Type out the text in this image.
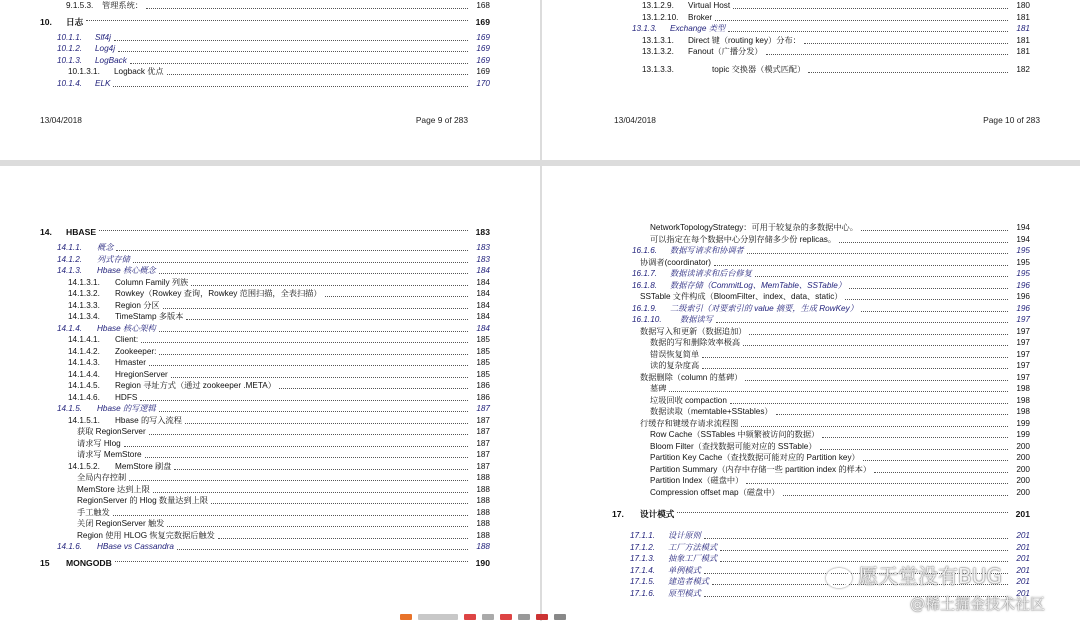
9.1.5.3. 管理系统：	168
10. 日志	169
10.1.1. Slf4j	169
10.1.2. Log4j	169
10.1.3. LogBack	169
10.1.3.1. Logback 优点	169
10.1.4. ELK	170
13/04/2018	Page 9 of 283
13.1.2.9. Virtual Host	180
13.1.2.10. Broker	181
13.1.3. Exchange 类型	181
13.1.3.1. Direct 键（routing key）分布：	181
13.1.3.2. Fanout（广播分发）	181
13.1.3.3.	topic 交换器（模式匹配）	182
13/04/2018	Page 10 of 283
14. HBASE	183
14.1.1. 概念	183
14.1.2. 列式存储	183
14.1.3. Hbase 核心概念	184
14.1.3.1. Column Family 列族	184
14.1.3.2. Rowkey（Rowkey 查询，Rowkey 范围扫描，全表扫描）	184
14.1.3.3. Region 分区	184
14.1.3.4. TimeStamp 多版本	184
14.1.4. Hbase 核心架构	184
14.1.4.1. Client:	185
14.1.4.2. Zookeeper:	185
14.1.4.3. Hmaster	185
14.1.4.4. HregionServer	185
14.1.4.5. Region 寻址方式（通过 zookeeper .META）	186
14.1.4.6. HDFS	186
14.1.5. Hbase 的写逻辑	187
14.1.5.1. Hbase 的写入流程	187
获取 RegionServer	187
请求写 Hlog	187
请求写 MemStore	187
14.1.5.2. MemStore 刷盘	187
全局内存控制	188
MemStore 达到上限	188
RegionServer 的 Hlog 数量达到上限	188
手工触发	188
关闭 RegionServer 触发	188
Region 使用 HLOG 恢复完数据后触发	188
14.1.6. HBase vs Cassandra	188
15 MONGODB	190
NetworkTopologyStrategy：可用于较复杂的多数据中心。	194
可以指定在每个数据中心分别存储多少份 replicas。	194
16.1.6. 数据写请求和协调者	195
协调者(coordinator)	195
16.1.7. 数据读请求和后台修复	195
16.1.8. 数据存储（CommitLog、MemTable、SSTable）	196
SSTable 文件构成（BloomFilter、index、data、static）	196
16.1.9. 二级索引（对要索引的 value 摘要，生成 RowKey）	196
16.1.10. 数据读写	197
数据写入和更新（数据追加）	197
数据的写和删除效率极高	197
错误恢复简单	197
读的复杂度高	197
数据删除（column 的墓碑）	197
墓碑	198
垃圾回收 compaction	198
数据读取（memtable+SStables）	198
行缓存和键缓存请求流程图	199
Row Cache（SSTables 中频繁被访问的数据）	199
Bloom Filter（查找数据可能对应的 SSTable）	200
Partition Key Cache（查找数据可能对应的 Partition key）	200
Partition Summary（内存中存储一些 partition index 的样本）	200
Partition Index（磁盘中）	200
Compression offset map（磁盘中）	200
17. 设计模式	201
17.1.1. 设计原则	201
17.1.2. 工厂方法模式	201
17.1.3. 抽象工厂模式	201
17.1.4. 单例模式	201
17.1.5. 建造者模式	201
17.1.6. 原型模式	201
愿天堂没有BUG
@稀土掘金技术社区
